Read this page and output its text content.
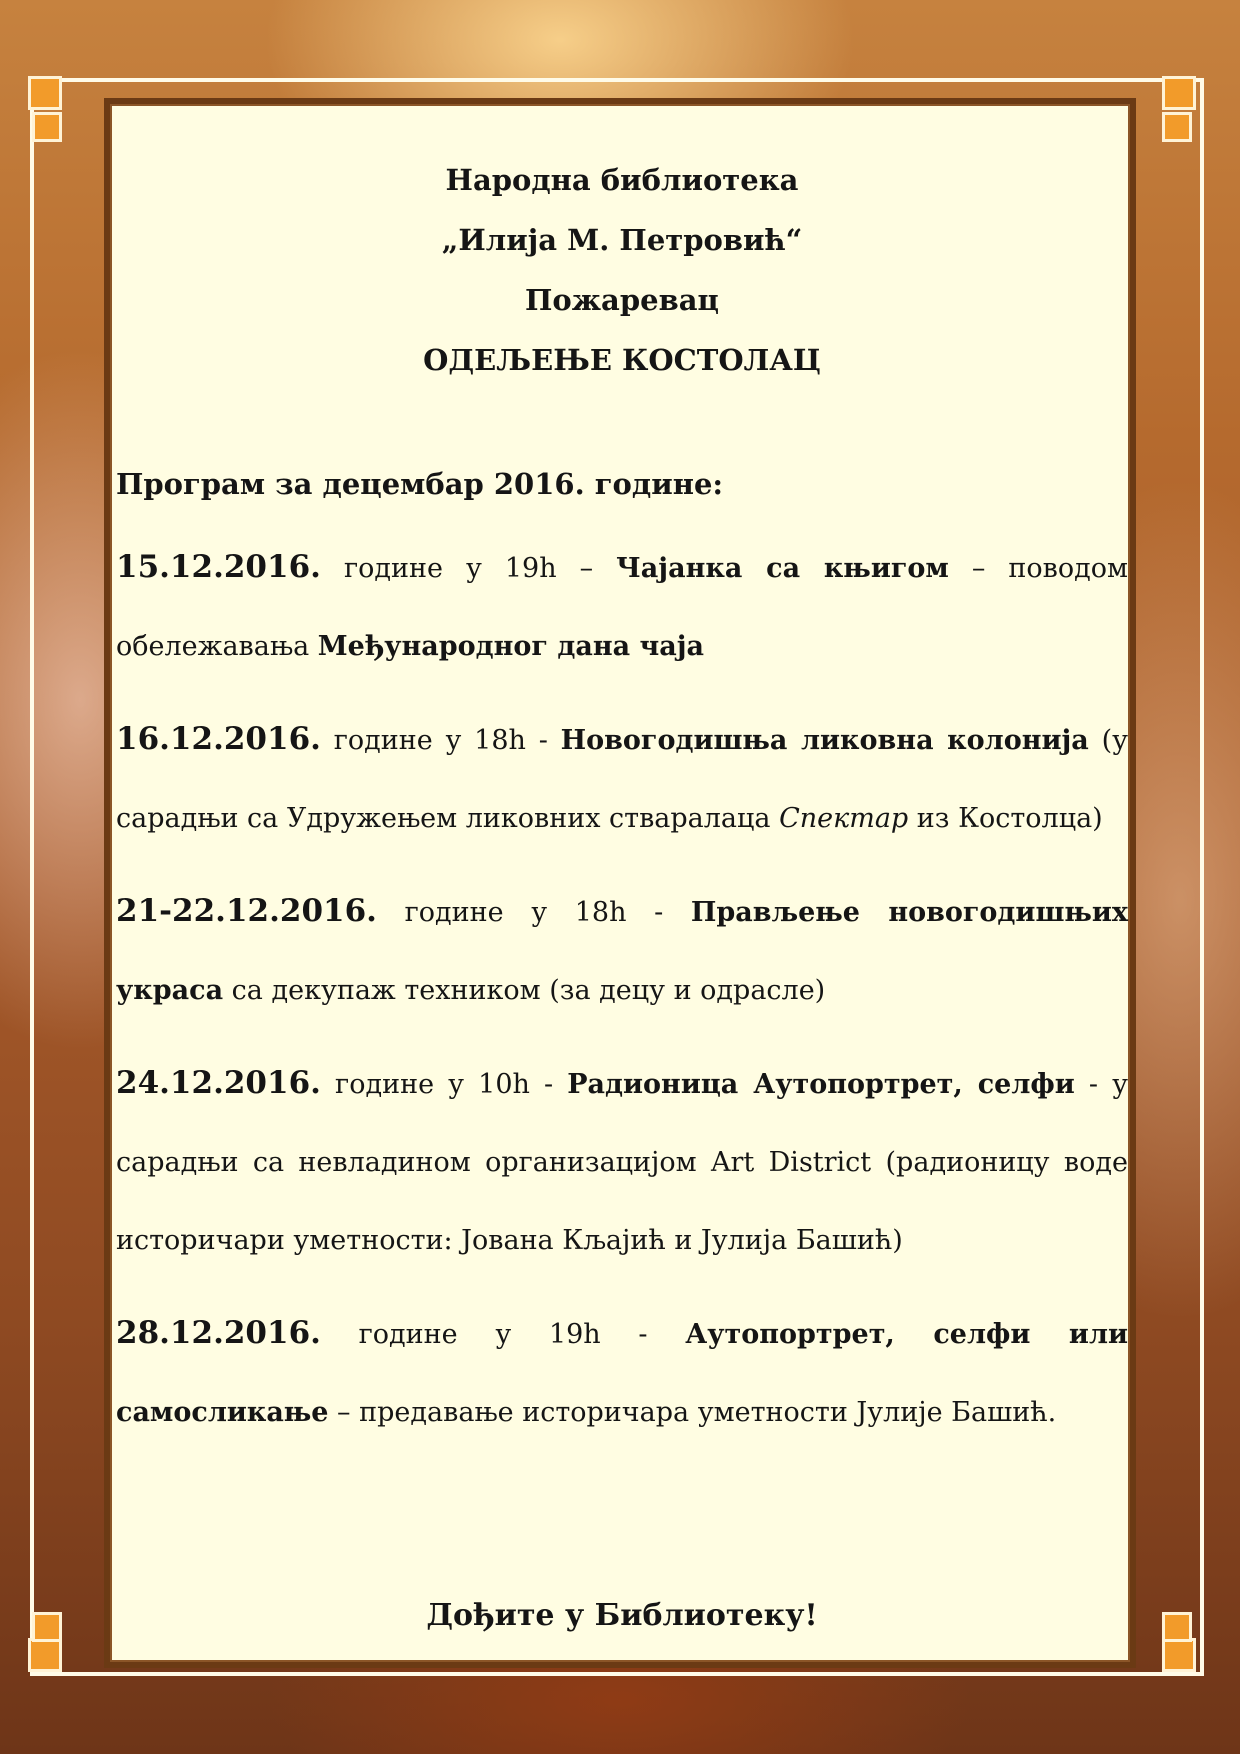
Народна библиотека
„Илија М. Петровић“
Пожаревац
ОДЕЉЕЊЕ КОСТОЛАЦ
Програм за децембар 2016. године:
15.12.2016. године у 19h – Чајанка са књигом – поводом обележавања Међународног дана чаја
16.12.2016. године у 18h - Новогодишња ликовна колонија (у сарадњи са Удружењем ликовних стваралаца Спектар из Костолца)
21-22.12.2016. године у 18h - Прављење новогодишњих украса са декупаж техником (за децу и одрасле)
24.12.2016. године у 10h - Радионица Аутопортрет, селфи - у сарадњи са невладином организацијом Art District (радионицу воде историчари уметности: Јована Кљајић и Јулија Башић)
28.12.2016. године у 19h - Аутопортрет, селфи или самосликање – предавање историчара уметности Јулије Башић.
Дођите у Библиотеку!
